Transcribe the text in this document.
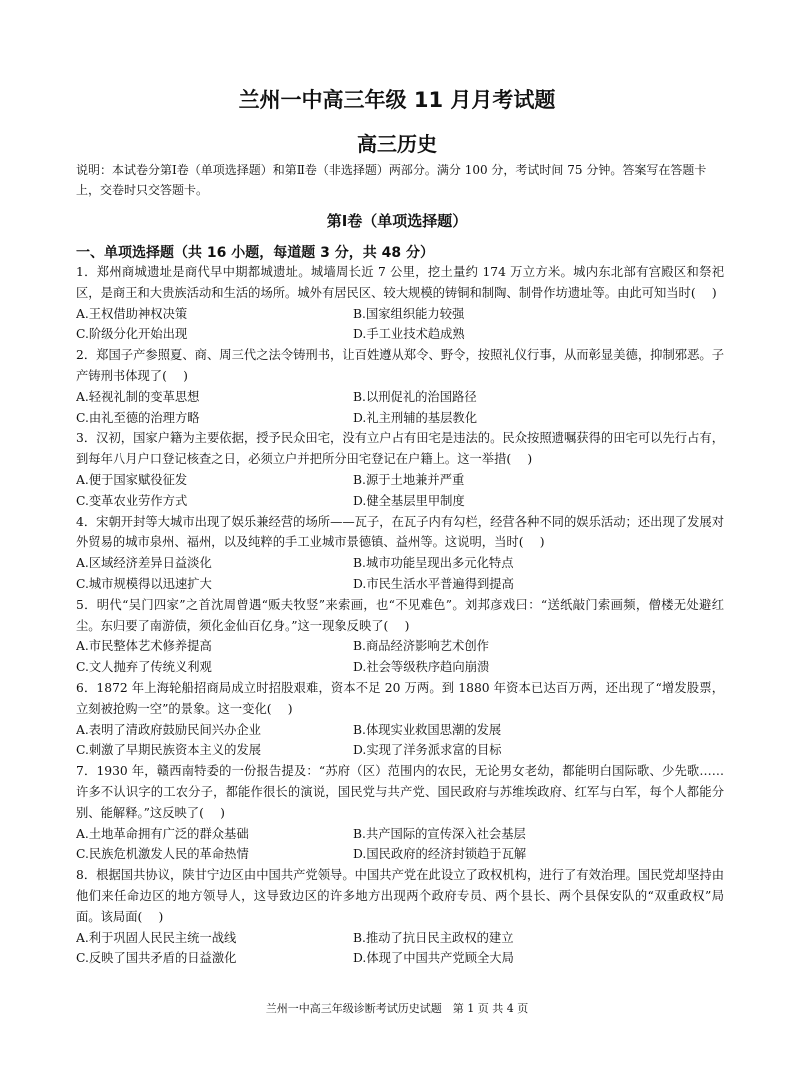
兰州一中高三年级 11 月月考试题
高三历史
说明：本试卷分第Ⅰ卷（单项选择题）和第Ⅱ卷（非选择题）两部分。满分 100 分，考试时间 75 分钟。答案写在答题卡上，交卷时只交答题卡。
第Ⅰ卷（单项选择题）
一、单项选择题（共 16 小题，每道题 3 分，共 48 分）

1．郑州商城遗址是商代早中期都城遗址。城墙周长近 7 公里，挖土量约 174 万立方米。城内东北部有宫殿区和祭祀区，是商王和大贵族活动和生活的场所。城外有居民区、较大规模的铸铜和制陶、制骨作坊遗址等。由此可知当时(　 )

A.王权借助神权决策	B.国家组织能力较强
C.阶级分化开始出现	D.手工业技术趋成熟

2．郑国子产参照夏、商、周三代之法令铸刑书，让百姓遵从郑令、野令，按照礼仪行事，从而彰显美德，抑制邪恶。子产铸刑书体现了(　 )

A.轻视礼制的变革思想	B.以刑促礼的治国路径
C.由礼至德的治理方略	D.礼主刑辅的基层教化

3．汉初，国家户籍为主要依据，授予民众田宅，没有立户占有田宅是违法的。民众按照遗嘱获得的田宅可以先行占有，到每年八月户口登记核查之日，必须立户并把所分田宅登记在户籍上。这一举措(　 )

A.便于国家赋役征发	B.源于土地兼并严重
C.变革农业劳作方式	D.健全基层里甲制度

4．宋朝开封等大城市出现了娱乐兼经营的场所——瓦子，在瓦子内有勾栏，经营各种不同的娱乐活动；还出现了发展对外贸易的城市泉州、福州，以及纯粹的手工业城市景德镇、益州等。这说明，当时(　 )

A.区域经济差异日益淡化	B.城市功能呈现出多元化特点
C.城市规模得以迅速扩大	D.市民生活水平普遍得到提高

5．明代“吴门四家”之首沈周曾遇“贩夫牧竖”来索画，也“不见难色”。刘邦彦戏曰：“送纸敲门索画频，僧楼无处避红尘。东归要了南游债，须化金仙百亿身。”这一现象反映了(　 )

A.市民整体艺术修养提高	B.商品经济影响艺术创作
C.文人抛弃了传统义利观	D.社会等级秩序趋向崩溃

6．1872 年上海轮船招商局成立时招股艰难，资本不足 20 万两。到 1880 年资本已达百万两，还出现了“增发股票，立刻被抢购一空”的景象。这一变化(　 )

A.表明了清政府鼓励民间兴办企业	B.体现实业救国思潮的发展
C.刺激了早期民族资本主义的发展	D.实现了洋务派求富的目标

7．1930 年，赣西南特委的一份报告提及：“苏府（区）范围内的农民，无论男女老幼，都能明白国际歌、少先歌……许多不认识字的工农分子，都能作很长的演说，国民党与共产党、国民政府与苏维埃政府、红军与白军，每个人都能分别、能解释。”这反映了(　 )

A.土地革命拥有广泛的群众基础	B.共产国际的宣传深入社会基层
C.民族危机激发人民的革命热情	D.国民政府的经济封锁趋于瓦解

8．根据国共协议，陕甘宁边区由中国共产党领导。中国共产党在此设立了政权机构，进行了有效治理。国民党却坚持由他们来任命边区的地方领导人，这导致边区的许多地方出现两个政府专员、两个县长、两个县保安队的“双重政权”局面。该局面(　 )

A.利于巩固人民民主统一战线	B.推动了抗日民主政权的建立
C.反映了国共矛盾的日益激化	D.体现了中国共产党顾全大局
兰州一中高三年级诊断考试历史试题　第 1 页 共 4 页
